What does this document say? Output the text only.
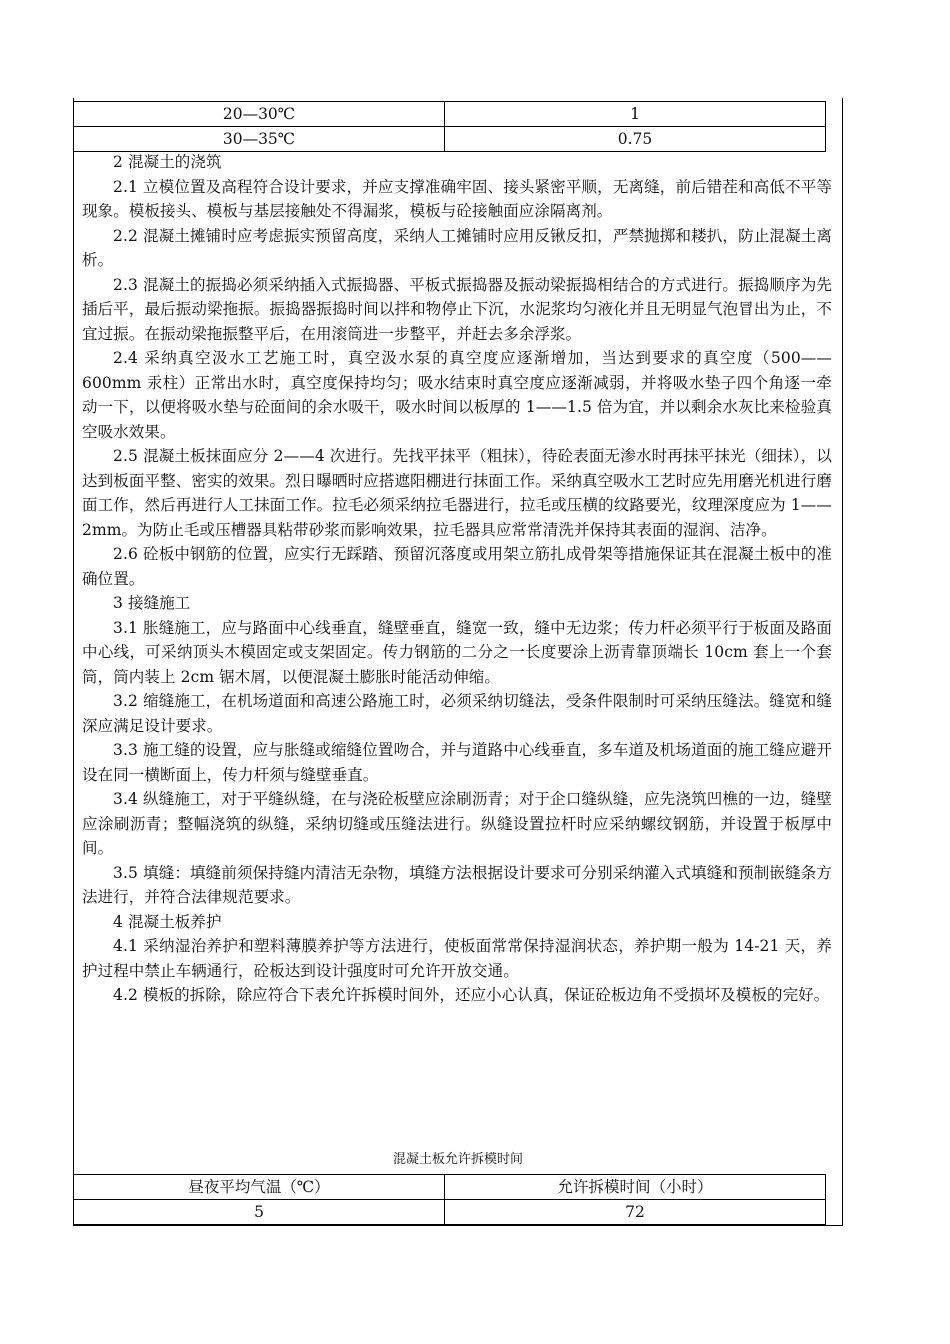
20—30℃	1
30—35℃	0.75

2 混凝土的浇筑

2.1 立模位置及高程符合设计要求，并应支撑准确牢固、接头紧密平顺，无离缝，前后错茬和高低不平等现象。模板接头、模板与基层接触处不得漏浆，模板与砼接触面应涂隔离剂。

2.2 混凝土摊铺时应考虑振实预留高度，采纳人工摊铺时应用反锹反扣，严禁抛掷和耧扒，防止混凝土离析。

2.3 混凝土的振捣必须采纳插入式振捣器、平板式振捣器及振动梁振捣相结合的方式进行。振捣顺序为先插后平，最后振动梁拖振。振捣器振捣时间以拌和物停止下沉，水泥浆均匀液化并且无明显气泡冒出为止，不宜过振。在振动梁拖振整平后，在用滚筒进一步整平，并赶去多余浮浆。

2.4 采纳真空汲水工艺施工时，真空汲水泵的真空度应逐渐增加，当达到要求的真空度（500——600mm 汞柱）正常出水时，真空度保持均匀；吸水结束时真空度应逐渐减弱，并将吸水垫子四个角逐一牵动一下，以便将吸水垫与砼面间的余水吸干，吸水时间以板厚的 1——1.5 倍为宜，并以剩余水灰比来检验真空吸水效果。

2.5 混凝土板抹面应分 2——4 次进行。先找平抹平（粗抹），待砼表面无渗水时再抹平抹光（细抹），以达到板面平整、密实的效果。烈日曝晒时应搭遮阳棚进行抹面工作。采纳真空吸水工艺时应先用磨光机进行磨面工作，然后再进行人工抹面工作。拉毛必须采纳拉毛器进行，拉毛或压横的纹路要光，纹理深度应为 1——2mm。为防止毛或压槽器具粘带砂浆而影响效果，拉毛器具应常常清洗并保持其表面的湿润、洁净。

2.6 砼板中钢筋的位置，应实行无踩踏、预留沉落度或用架立筋扎成骨架等措施保证其在混凝土板中的准确位置。

3 接缝施工

3.1 胀缝施工，应与路面中心线垂直，缝壁垂直，缝宽一致，缝中无边浆；传力杆必须平行于板面及路面中心线，可采纳顶头木模固定或支架固定。传力钢筋的二分之一长度要涂上沥青靠顶端长 10cm 套上一个套筒，筒内装上 2cm 锯木屑，以便混凝土膨胀时能活动伸缩。

3.2 缩缝施工，在机场道面和高速公路施工时，必须采纳切缝法，受条件限制时可采纳压缝法。缝宽和缝深应满足设计要求。

3.3 施工缝的设置，应与胀缝或缩缝位置吻合，并与道路中心线垂直，多车道及机场道面的施工缝应避开设在同一横断面上，传力杆须与缝壁垂直。

3.4 纵缝施工，对于平缝纵缝，在与浇砼板壁应涂刷沥青；对于企口缝纵缝，应先浇筑凹樵的一边，缝壁应涂刷沥青；整幅浇筑的纵缝，采纳切缝或压缝法进行。纵缝设置拉杆时应采纳螺纹钢筋，并设置于板厚中间。

3.5 填缝：填缝前须保持缝内清洁无杂物，填缝方法根据设计要求可分别采纳灌入式填缝和预制嵌缝条方法进行，并符合法律规范要求。

4 混凝土板养护

4.1 采纳湿治养护和塑料薄膜养护等方法进行，使板面常常保持湿润状态，养护期一般为 14-21 天，养护过程中禁止车辆通行，砼板达到设计强度时可允许开放交通。

4.2 模板的拆除，除应符合下表允许拆模时间外，还应小心认真，保证砼板边角不受损坏及模板的完好。

混凝土板允许拆模时间
昼夜平均气温（℃）	允许拆模时间（小时）
5	72
